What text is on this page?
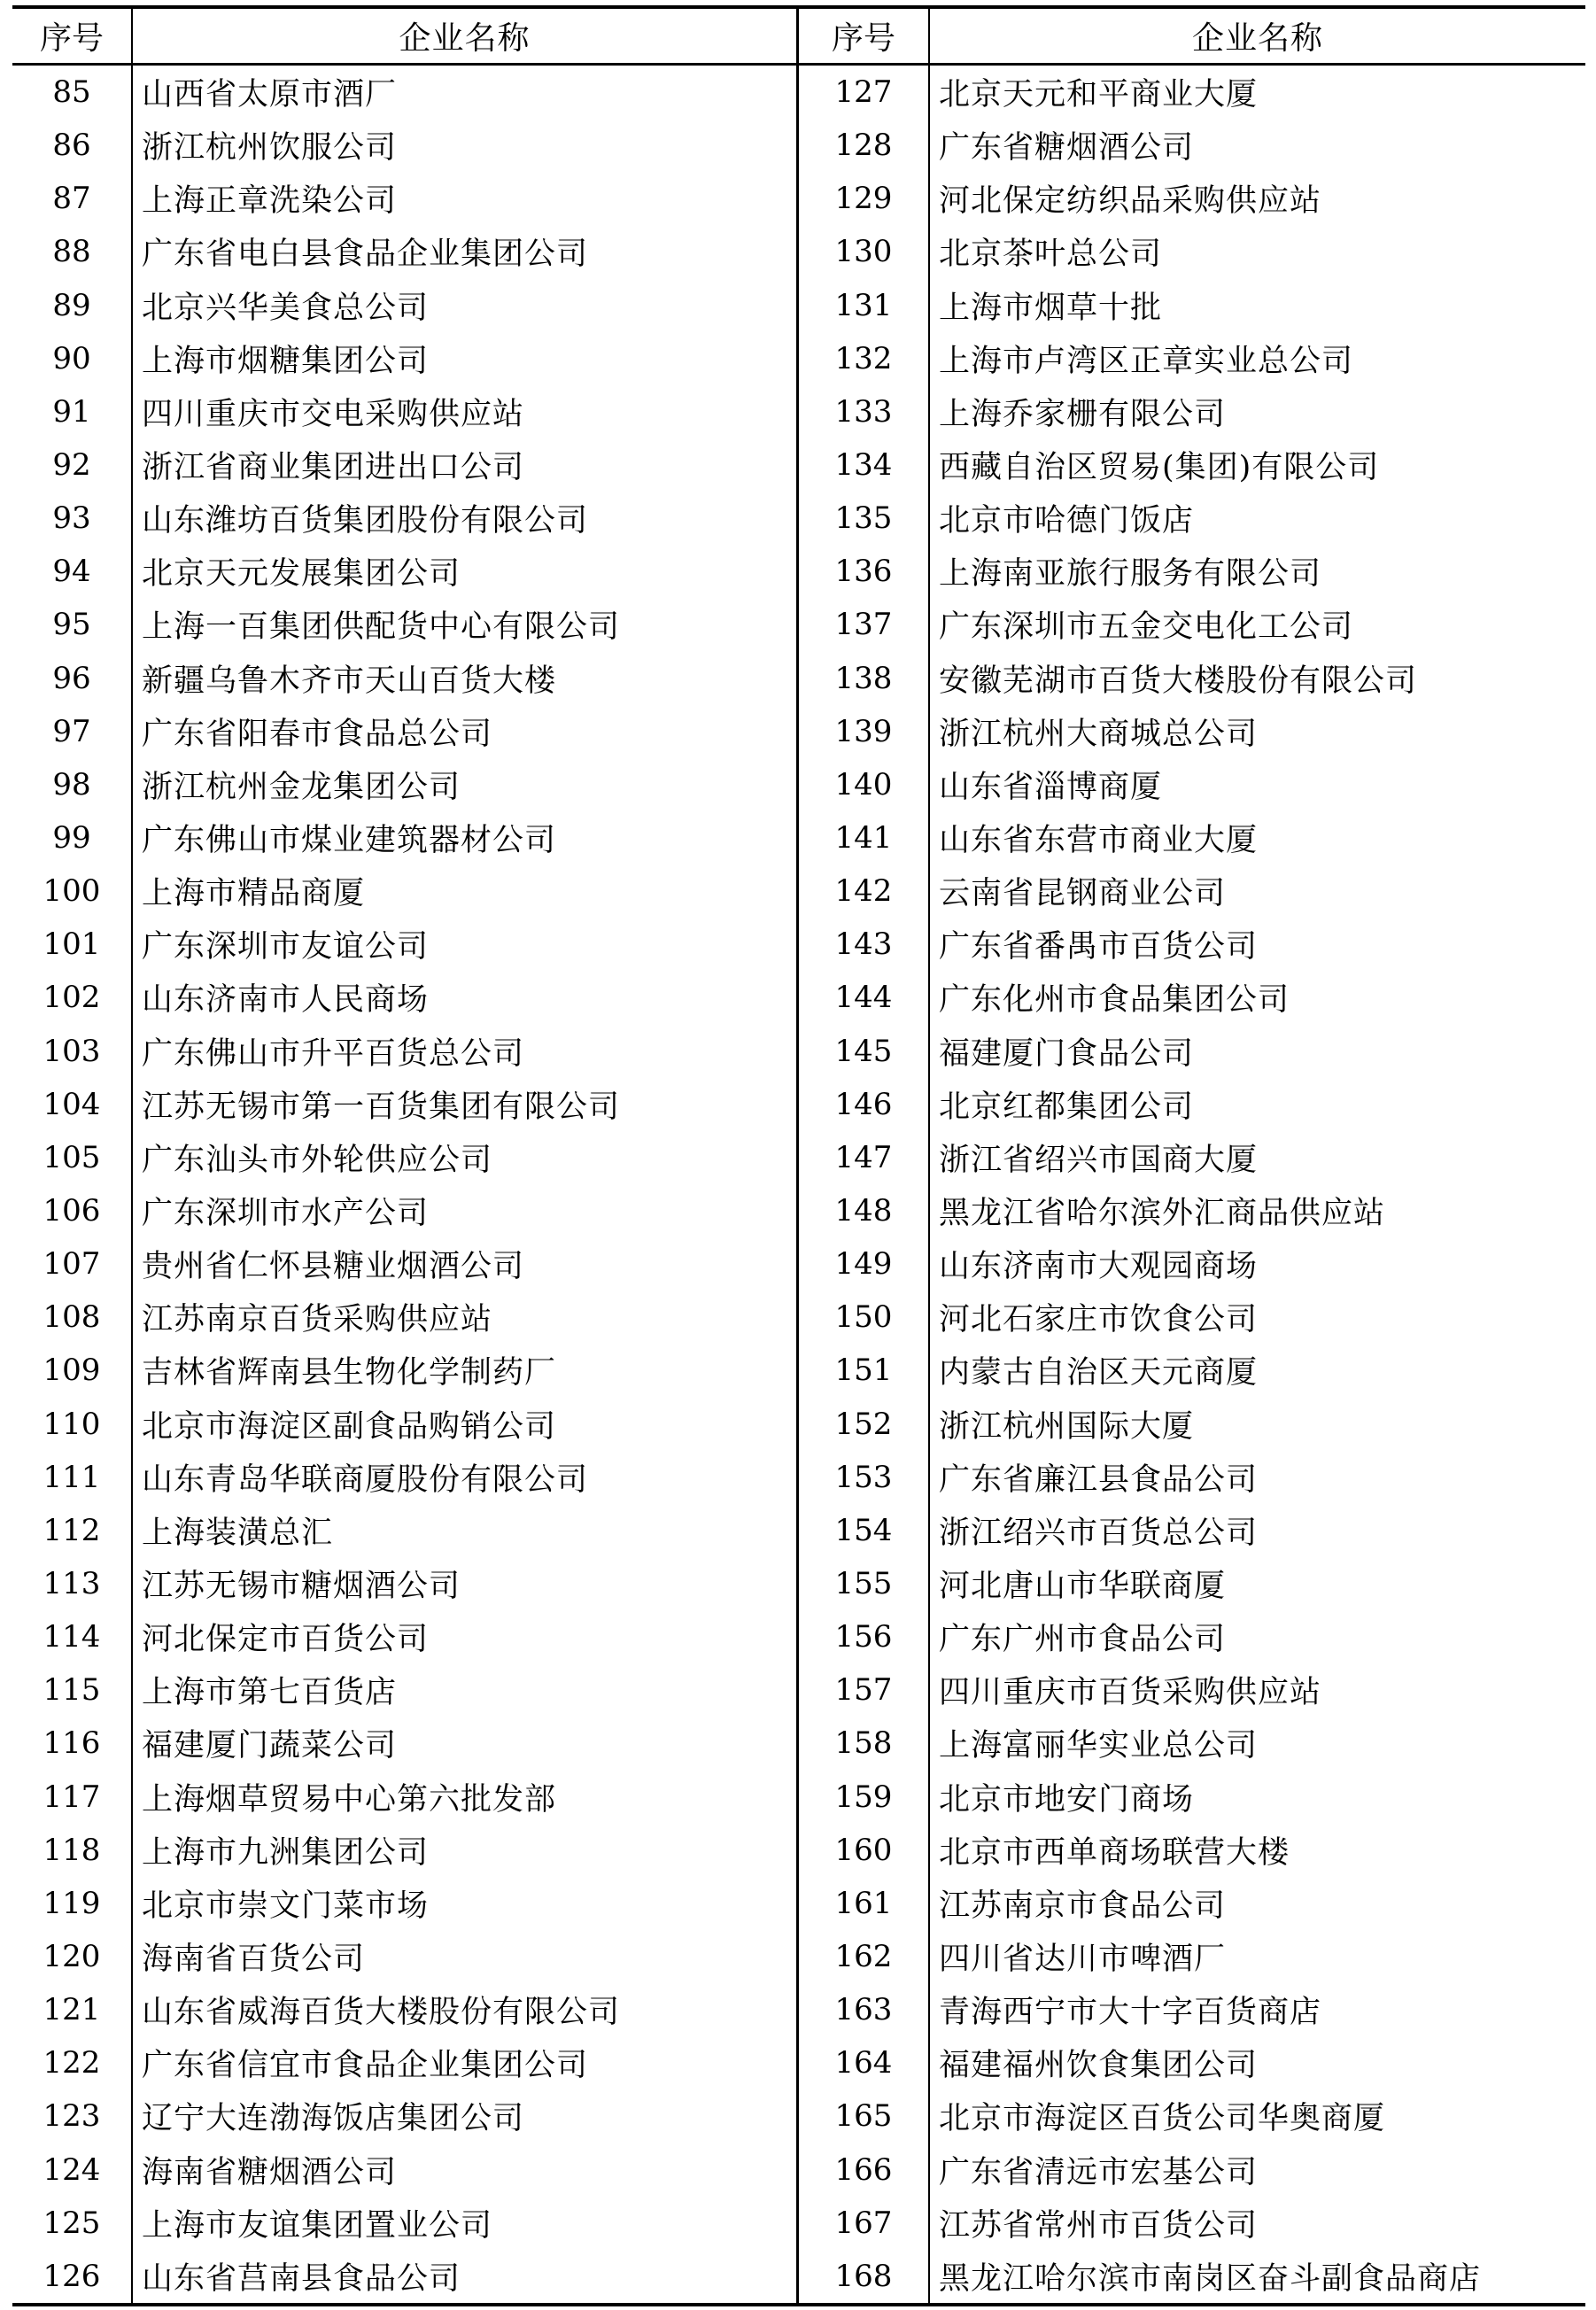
序号	企业名称	序号	企业名称
85	山西省太原市酒厂	127	北京天元和平商业大厦
86	浙江杭州饮服公司	128	广东省糖烟酒公司
87	上海正章洗染公司	129	河北保定纺织品采购供应站
88	广东省电白县食品企业集团公司	130	北京茶叶总公司
89	北京兴华美食总公司	131	上海市烟草十批
90	上海市烟糖集团公司	132	上海市卢湾区正章实业总公司
91	四川重庆市交电采购供应站	133	上海乔家栅有限公司
92	浙江省商业集团进出口公司	134	西藏自治区贸易(集团)有限公司
93	山东潍坊百货集团股份有限公司	135	北京市哈德门饭店
94	北京天元发展集团公司	136	上海南亚旅行服务有限公司
95	上海一百集团供配货中心有限公司	137	广东深圳市五金交电化工公司
96	新疆乌鲁木齐市天山百货大楼	138	安徽芜湖市百货大楼股份有限公司
97	广东省阳春市食品总公司	139	浙江杭州大商城总公司
98	浙江杭州金龙集团公司	140	山东省淄博商厦
99	广东佛山市煤业建筑器材公司	141	山东省东营市商业大厦
100	上海市精品商厦	142	云南省昆钢商业公司
101	广东深圳市友谊公司	143	广东省番禺市百货公司
102	山东济南市人民商场	144	广东化州市食品集团公司
103	广东佛山市升平百货总公司	145	福建厦门食品公司
104	江苏无锡市第一百货集团有限公司	146	北京红都集团公司
105	广东汕头市外轮供应公司	147	浙江省绍兴市国商大厦
106	广东深圳市水产公司	148	黑龙江省哈尔滨外汇商品供应站
107	贵州省仁怀县糖业烟酒公司	149	山东济南市大观园商场
108	江苏南京百货采购供应站	150	河北石家庄市饮食公司
109	吉林省辉南县生物化学制药厂	151	内蒙古自治区天元商厦
110	北京市海淀区副食品购销公司	152	浙江杭州国际大厦
111	山东青岛华联商厦股份有限公司	153	广东省廉江县食品公司
112	上海装潢总汇	154	浙江绍兴市百货总公司
113	江苏无锡市糖烟酒公司	155	河北唐山市华联商厦
114	河北保定市百货公司	156	广东广州市食品公司
115	上海市第七百货店	157	四川重庆市百货采购供应站
116	福建厦门蔬菜公司	158	上海富丽华实业总公司
117	上海烟草贸易中心第六批发部	159	北京市地安门商场
118	上海市九洲集团公司	160	北京市西单商场联营大楼
119	北京市崇文门菜市场	161	江苏南京市食品公司
120	海南省百货公司	162	四川省达川市啤酒厂
121	山东省威海百货大楼股份有限公司	163	青海西宁市大十字百货商店
122	广东省信宜市食品企业集团公司	164	福建福州饮食集团公司
123	辽宁大连渤海饭店集团公司	165	北京市海淀区百货公司华奥商厦
124	海南省糖烟酒公司	166	广东省清远市宏基公司
125	上海市友谊集团置业公司	167	江苏省常州市百货公司
126	山东省莒南县食品公司	168	黑龙江哈尔滨市南岗区奋斗副食品商店
